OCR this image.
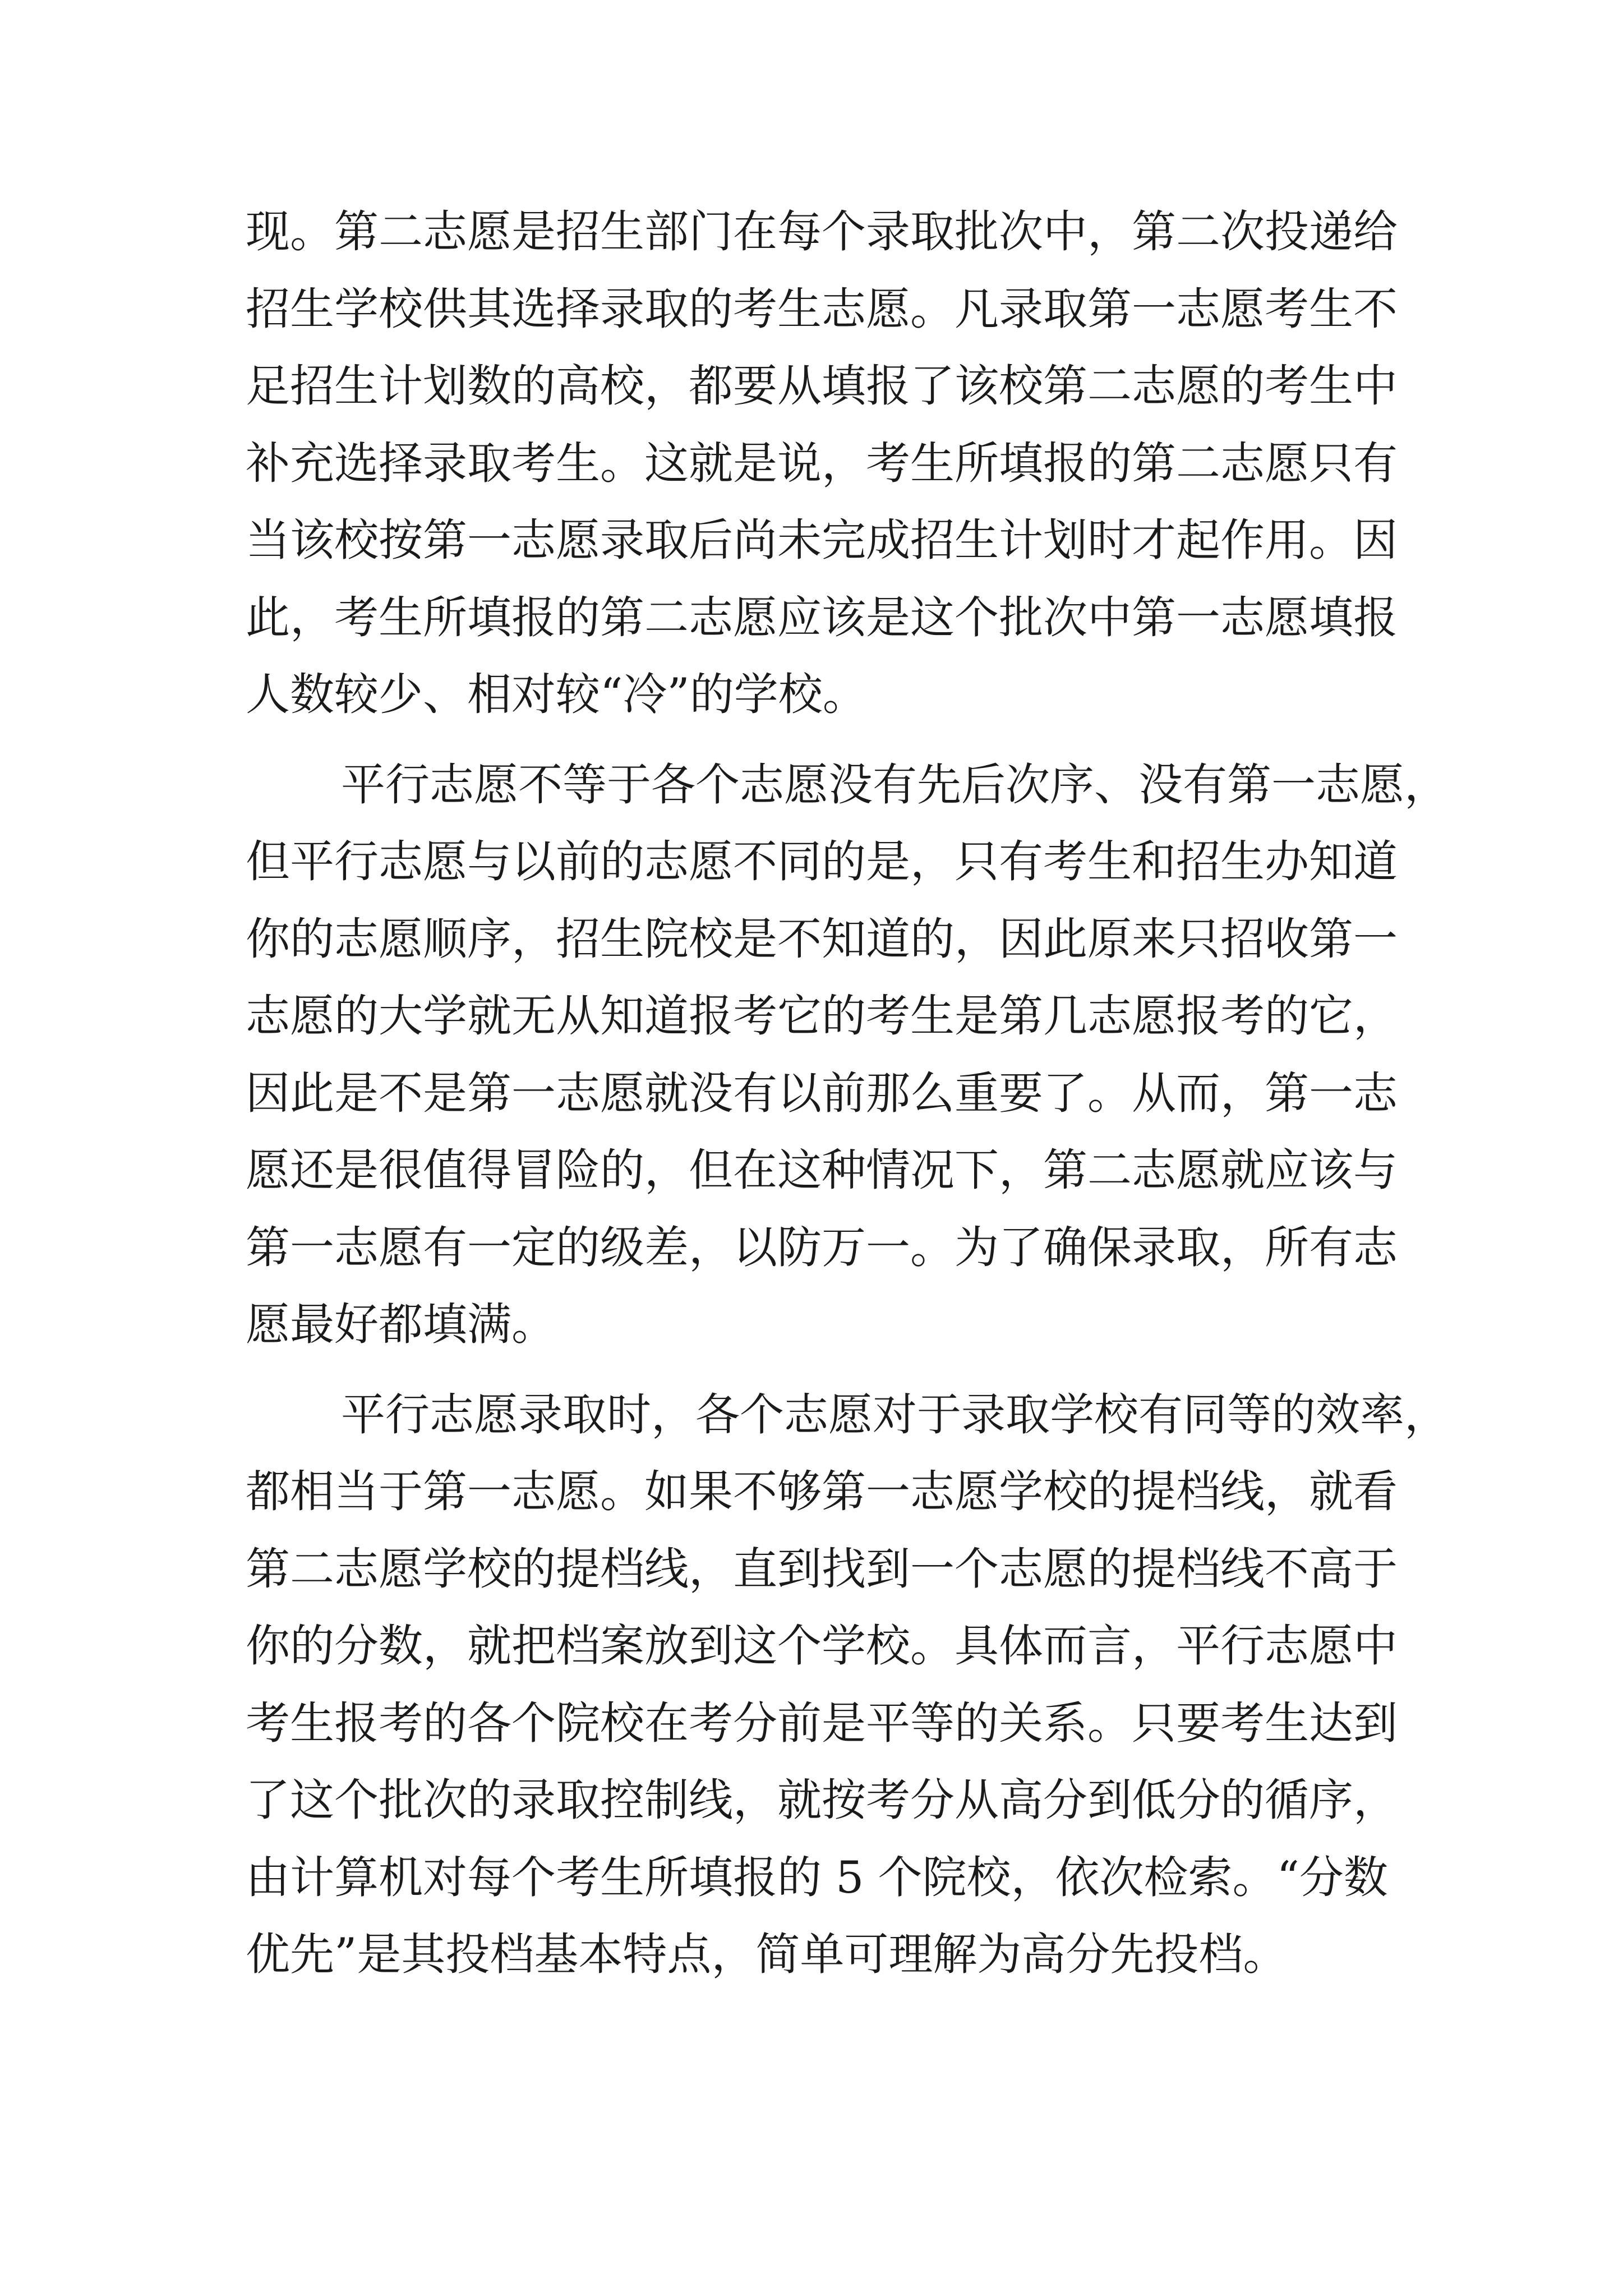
现 。 第 二 志 愿 是 招 生 部 门 在 每 个 录 取 批 次 中 ， 第 二 次 投 递 给
招 生 学 校 供 其 选 择 录 取 的 考 生 志 愿 。 凡 录 取 第 一 志 愿 考 生 不
足 招 生 计 划 数 的 高 校 ， 都 要 从 填 报 了 该 校 第 二 志 愿 的 考 生 中
补 充 选 择 录 取 考 生 。 这 就 是 说 ， 考 生 所 填 报 的 第 二 志 愿 只 有
当 该 校 按 第 一 志 愿 录 取 后 尚 未 完 成 招 生 计 划 时 才 起 作 用 。 因
此 ， 考 生 所 填 报 的 第 二 志 愿 应 该 是 这 个 批 次 中 第 一 志 愿 填 报
人数较少、相对较“冷”的学校。
平 行 志 愿 不 等 于 各 个 志 愿 没 有 先 后 次 序 、 没 有 第 一 志 愿 ，
但 平 行 志 愿 与 以 前 的 志 愿 不 同 的 是 ， 只 有 考 生 和 招 生 办 知 道
你 的 志 愿 顺 序 ， 招 生 院 校 是 不 知 道 的 ， 因 此 原 来 只 招 收 第 一
志 愿 的 大 学 就 无 从 知 道 报 考 它 的 考 生 是 第 几 志 愿 报 考 的 它 ，
因 此 是 不 是 第 一 志 愿 就 没 有 以 前 那 么 重 要 了 。 从 而 ， 第 一 志
愿 还 是 很 值 得 冒 险 的 ， 但 在 这 种 情 况 下 ， 第 二 志 愿 就 应 该 与
第 一 志 愿 有 一 定 的 级 差 ， 以 防 万 一 。 为 了 确 保 录 取 ， 所 有 志
愿最好都填满。
平 行 志 愿 录 取 时 ， 各 个 志 愿 对 于 录 取 学 校 有 同 等 的 效 率 ，
都 相 当 于 第 一 志 愿 。 如 果 不 够 第 一 志 愿 学 校 的 提 档 线 ， 就 看
第 二 志 愿 学 校 的 提 档 线 ， 直 到 找 到 一 个 志 愿 的 提 档 线 不 高 于
你 的 分 数 ， 就 把 档 案 放 到 这 个 学 校 。 具 体 而 言 ， 平 行 志 愿 中
考 生 报 考 的 各 个 院 校 在 考 分 前 是 平 等 的 关 系 。 只 要 考 生 达 到
了 这 个 批 次 的 录 取 控 制 线 ， 就 按 考 分 从 高 分 到 低 分 的 循 序 ，
由 计 算 机 对 每 个 考 生 所 填 报 的
5
个 院 校 ， 依 次 检 索 。 “ 分 数
优先”是其投档基本特点，简单可理解为高分先投档。
